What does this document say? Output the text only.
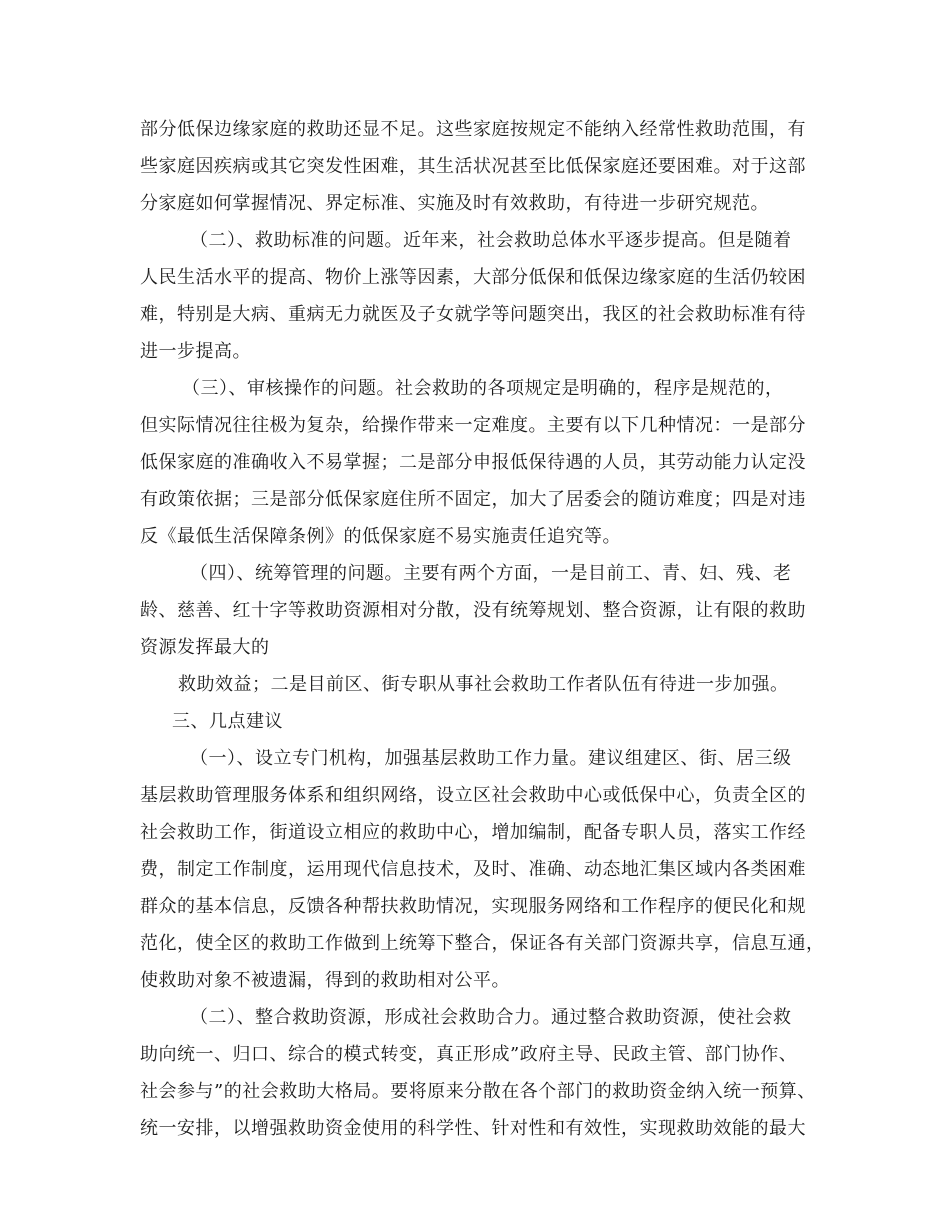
部分低保边缘家庭的救助还显不足。这些家庭按规定不能纳入经常性救助范围，有
些家庭因疾病或其它突发性困难，其生活状况甚至比低保家庭还要困难。对于这部
分家庭如何掌握情况、界定标准、实施及时有效救助，有待进一步研究规范。
（二）、救助标准的问题。近年来，社会救助总体水平逐步提高。但是随着
人民生活水平的提高、物价上涨等因素，大部分低保和低保边缘家庭的生活仍较困
难，特别是大病、重病无力就医及子女就学等问题突出，我区的社会救助标准有待
进一步提高。
（三）、审核操作的问题。社会救助的各项规定是明确的，程序是规范的，
但实际情况往往极为复杂，给操作带来一定难度。主要有以下几种情况：一是部分
低保家庭的准确收入不易掌握；二是部分申报低保待遇的人员，其劳动能力认定没
有政策依据；三是部分低保家庭住所不固定，加大了居委会的随访难度；四是对违
反《最低生活保障条例》的低保家庭不易实施责任追究等。
（四）、统筹管理的问题。主要有两个方面，一是目前工、青、妇、残、老
龄、慈善、红十字等救助资源相对分散，没有统筹规划、整合资源，让有限的救助
资源发挥最大的
救助效益；二是目前区、街专职从事社会救助工作者队伍有待进一步加强。
三、几点建议
（一）、设立专门机构，加强基层救助工作力量。建议组建区、街、居三级
基层救助管理服务体系和组织网络，设立区社会救助中心或低保中心，负责全区的
社会救助工作，街道设立相应的救助中心，增加编制，配备专职人员，落实工作经
费，制定工作制度，运用现代信息技术，及时、准确、动态地汇集区域内各类困难
群众的基本信息，反馈各种帮扶救助情况，实现服务网络和工作程序的便民化和规
范化，使全区的救助工作做到上统筹下整合，保证各有关部门资源共享，信息互通，
使救助对象不被遗漏，得到的救助相对公平。
（二）、整合救助资源，形成社会救助合力。通过整合救助资源，使社会救
助向统一、归口、综合的模式转变，真正形成”政府主导、民政主管、部门协作、
社会参与”的社会救助大格局。要将原来分散在各个部门的救助资金纳入统一预算、
统一安排，以增强救助资金使用的科学性、针对性和有效性，实现救助效能的最大
